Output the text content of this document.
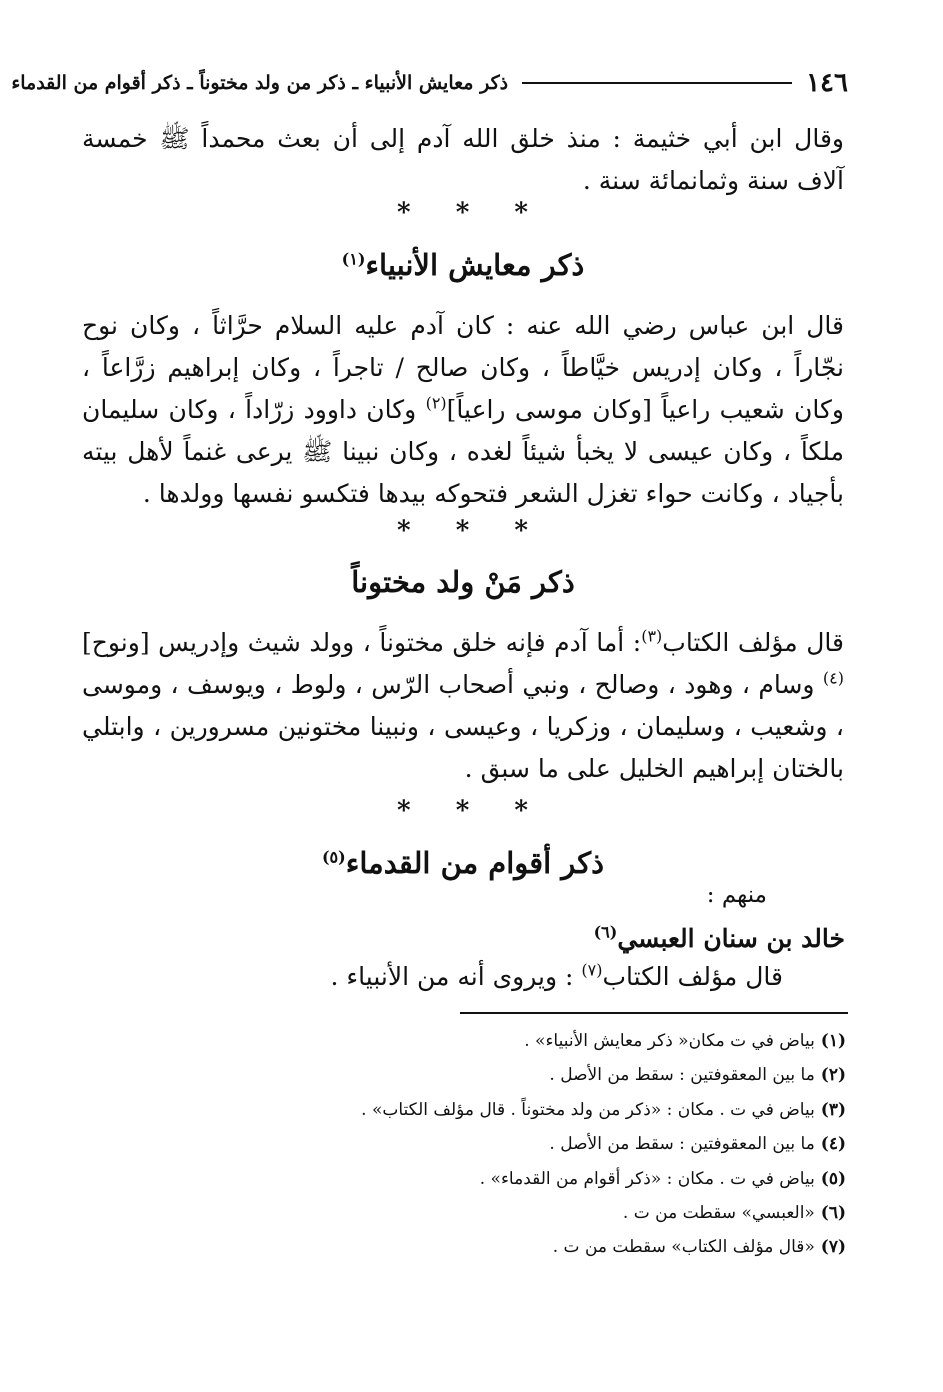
١٤٦
ذكر معايش الأنبياء ـ ذكر من ولد مختوناً ـ ذكر أقوام من القدماء

وقال ابن أبي خثيمة : منذ خلق الله آدم إلى أن بعث محمداً ﷺ خمسة آلاف سنة وثمانمائة سنة .

* * *
ذكر معايش الأنبياء$^{(١)}$

قال ابن عباس رضي الله عنه : كان آدم عليه السلام حرَّاثاً ، وكان نوح نجّاراً ، وكان إدريس خيَّاطاً ، وكان صالح / تاجراً ، وكان إبراهيم زرَّاعاً ، وكان شعيب راعياً [وكان موسى راعياً]$^{(٢)}$ وكان داوود زرّاداً ، وكان سليمان ملكاً ، وكان عيسى لا يخبأ شيئاً لغده ، وكان نبينا ﷺ يرعى غنماً لأهل بيته بأجياد ، وكانت حواء تغزل الشعر فتحوكه بيدها فتكسو نفسها وولدها .

* * *
ذكر مَنْ ولد مختوناً

قال مؤلف الكتاب$^{(٣)}$: أما آدم فإنه خلق مختوناً ، وولد شيث وإدريس [ونوح]$^{(٤)}$ وسام ، وهود ، وصالح ، ونبي أصحاب الرّس ، ولوط ، ويوسف ، وموسى ، وشعيب ، وسليمان ، وزكريا ، وعيسى ، ونبينا مختونين مسرورين ، وابتلي بالختان إبراهيم الخليل على ما سبق .

* * *
ذكر أقوام من القدماء$^{(٥)}$
منهم :
خالد بن سنان العبسي$^{(٦)}$
قال مؤلف الكتاب$^{(٧)}$ : ويروى أنه من الأنبياء .
(١) بياض في ت مكان« ذكر معايش الأنبياء» .
(٢) ما بين المعقوفتين : سقط من الأصل .
(٣) بياض في ت . مكان : «ذكر من ولد مختوناً . قال مؤلف الكتاب» .
(٤) ما بين المعقوفتين : سقط من الأصل .
(٥) بياض في ت . مكان : «ذكر أقوام من القدماء» .
(٦) «العبسي» سقطت من ت .
(٧) «قال مؤلف الكتاب» سقطت من ت .
